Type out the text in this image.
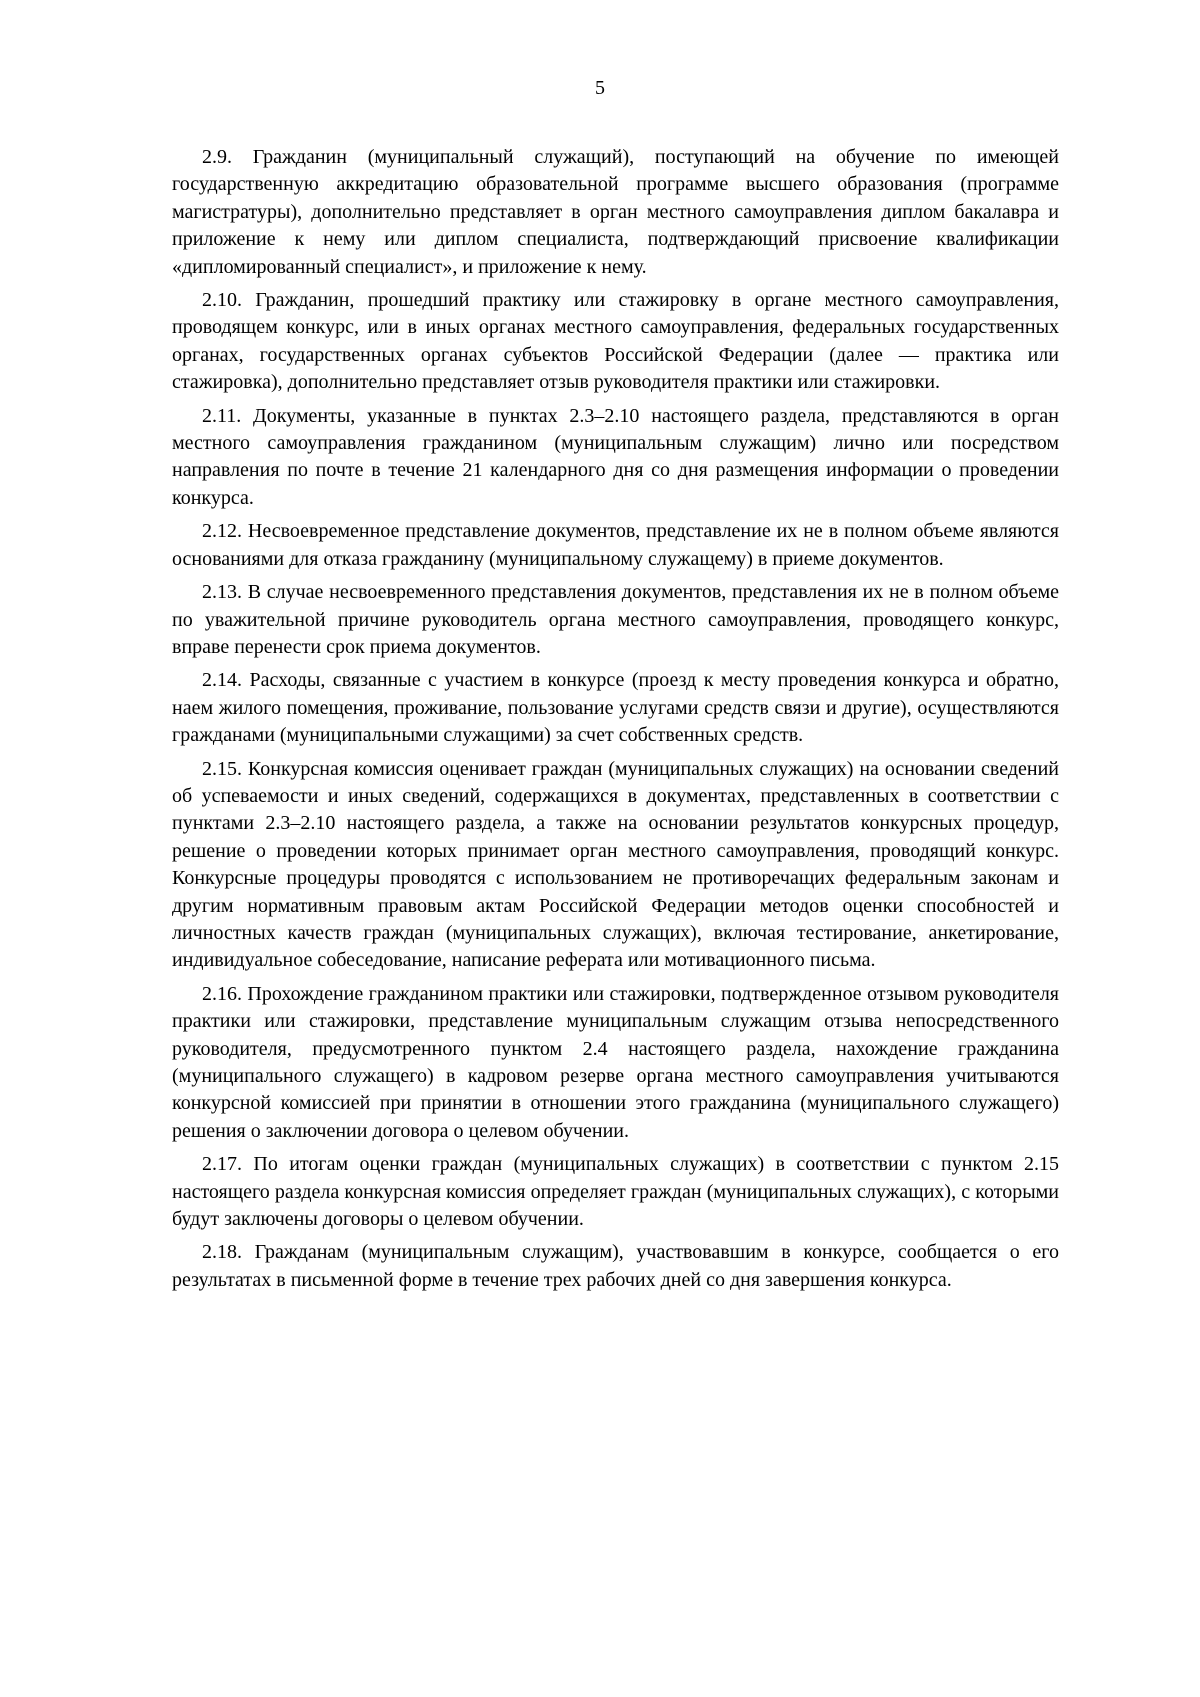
5

2.9. Гражданин (муниципальный служащий), поступающий на обучение по имеющей государственную аккредитацию образовательной программе высшего образования (программе магистратуры), дополнительно представляет в орган местного самоуправления диплом бакалавра и приложение к нему или диплом специалиста, подтверждающий присвоение квалификации «дипломированный специалист», и приложение к нему.

2.10. Гражданин, прошедший практику или стажировку в органе местного самоуправления, проводящем конкурс, или в иных органах местного самоуправления, федеральных государственных органах, государственных органах субъектов Российской Федерации (далее — практика или стажировка), дополнительно представляет отзыв руководителя практики или стажировки.

2.11. Документы, указанные в пунктах 2.3–2.10 настоящего раздела, представляются в орган местного самоуправления гражданином (муниципальным служащим) лично или посредством направления по почте в течение 21 календарного дня со дня размещения информации о проведении конкурса.

2.12. Несвоевременное представление документов, представление их не в полном объеме являются основаниями для отказа гражданину (муниципальному служащему) в приеме документов.

2.13. В случае несвоевременного представления документов, представления их не в полном объеме по уважительной причине руководитель органа местного самоуправления, проводящего конкурс, вправе перенести срок приема документов.

2.14. Расходы, связанные с участием в конкурсе (проезд к месту проведения конкурса и обратно, наем жилого помещения, проживание, пользование услугами средств связи и другие), осуществляются гражданами (муниципальными служащими) за счет собственных средств.

2.15. Конкурсная комиссия оценивает граждан (муниципальных служащих) на основании сведений об успеваемости и иных сведений, содержащихся в документах, представленных в соответствии с пунктами 2.3–2.10 настоящего раздела, а также на основании результатов конкурсных процедур, решение о проведении которых принимает орган местного самоуправления, проводящий конкурс. Конкурсные процедуры проводятся с использованием не противоречащих федеральным законам и другим нормативным правовым актам Российской Федерации методов оценки способностей и личностных качеств граждан (муниципальных служащих), включая тестирование, анкетирование, индивидуальное собеседование, написание реферата или мотивационного письма.

2.16. Прохождение гражданином практики или стажировки, подтвержденное отзывом руководителя практики или стажировки, представление муниципальным служащим отзыва непосредственного руководителя, предусмотренного пунктом 2.4 настоящего раздела, нахождение гражданина (муниципального служащего) в кадровом резерве органа местного самоуправления учитываются конкурсной комиссией при принятии в отношении этого гражданина (муниципального служащего) решения о заключении договора о целевом обучении.

2.17. По итогам оценки граждан (муниципальных служащих) в соответствии с пунктом 2.15 настоящего раздела конкурсная комиссия определяет граждан (муниципальных служащих), с которыми будут заключены договоры о целевом обучении.

2.18. Гражданам (муниципальным служащим), участвовавшим в конкурсе, сообщается о его результатах в письменной форме в течение трех рабочих дней со дня завершения конкурса.
